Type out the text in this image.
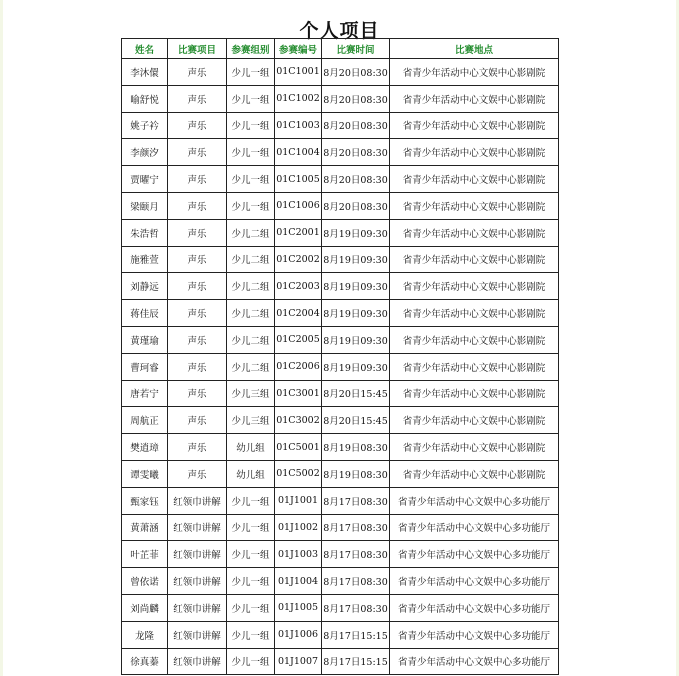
个人项目
姓名	比赛项目	参赛组别	参赛编号	比赛时间	比赛地点
李沐儇	声乐	少儿一组	01C1001	8月20日08:30	省青少年活动中心文娱中心影剧院
喻舒悦	声乐	少儿一组	01C1002	8月20日08:30	省青少年活动中心文娱中心影剧院
姚子衿	声乐	少儿一组	01C1003	8月20日08:30	省青少年活动中心文娱中心影剧院
李颜汐	声乐	少儿一组	01C1004	8月20日08:30	省青少年活动中心文娱中心影剧院
贾曜宁	声乐	少儿一组	01C1005	8月20日08:30	省青少年活动中心文娱中心影剧院
梁颐月	声乐	少儿一组	01C1006	8月20日08:30	省青少年活动中心文娱中心影剧院
朱浩哲	声乐	少儿二组	01C2001	8月19日09:30	省青少年活动中心文娱中心影剧院
施雅萱	声乐	少儿二组	01C2002	8月19日09:30	省青少年活动中心文娱中心影剧院
刘静远	声乐	少儿二组	01C2003	8月19日09:30	省青少年活动中心文娱中心影剧院
蒋佳辰	声乐	少儿二组	01C2004	8月19日09:30	省青少年活动中心文娱中心影剧院
黄瑾瑜	声乐	少儿二组	01C2005	8月19日09:30	省青少年活动中心文娱中心影剧院
曹珂睿	声乐	少儿二组	01C2006	8月19日09:30	省青少年活动中心文娱中心影剧院
唐若宁	声乐	少儿三组	01C3001	8月20日15:45	省青少年活动中心文娱中心影剧院
周航正	声乐	少儿三组	01C3002	8月20日15:45	省青少年活动中心文娱中心影剧院
樊逍璋	声乐	幼儿组	01C5001	8月19日08:30	省青少年活动中心文娱中心影剧院
谭雯曦	声乐	幼儿组	01C5002	8月19日08:30	省青少年活动中心文娱中心影剧院
甄家钰	红领巾讲解	少儿一组	01J1001	8月17日08:30	省青少年活动中心文娱中心多功能厅
黄萧涵	红领巾讲解	少儿一组	01J1002	8月17日08:30	省青少年活动中心文娱中心多功能厅
叶芷菲	红领巾讲解	少儿一组	01J1003	8月17日08:30	省青少年活动中心文娱中心多功能厅
曾依诺	红领巾讲解	少儿一组	01J1004	8月17日08:30	省青少年活动中心文娱中心多功能厅
刘尚麟	红领巾讲解	少儿一组	01J1005	8月17日08:30	省青少年活动中心文娱中心多功能厅
龙隆	红领巾讲解	少儿一组	01J1006	8月17日15:15	省青少年活动中心文娱中心多功能厅
徐真蓁	红领巾讲解	少儿一组	01J1007	8月17日15:15	省青少年活动中心文娱中心多功能厅
